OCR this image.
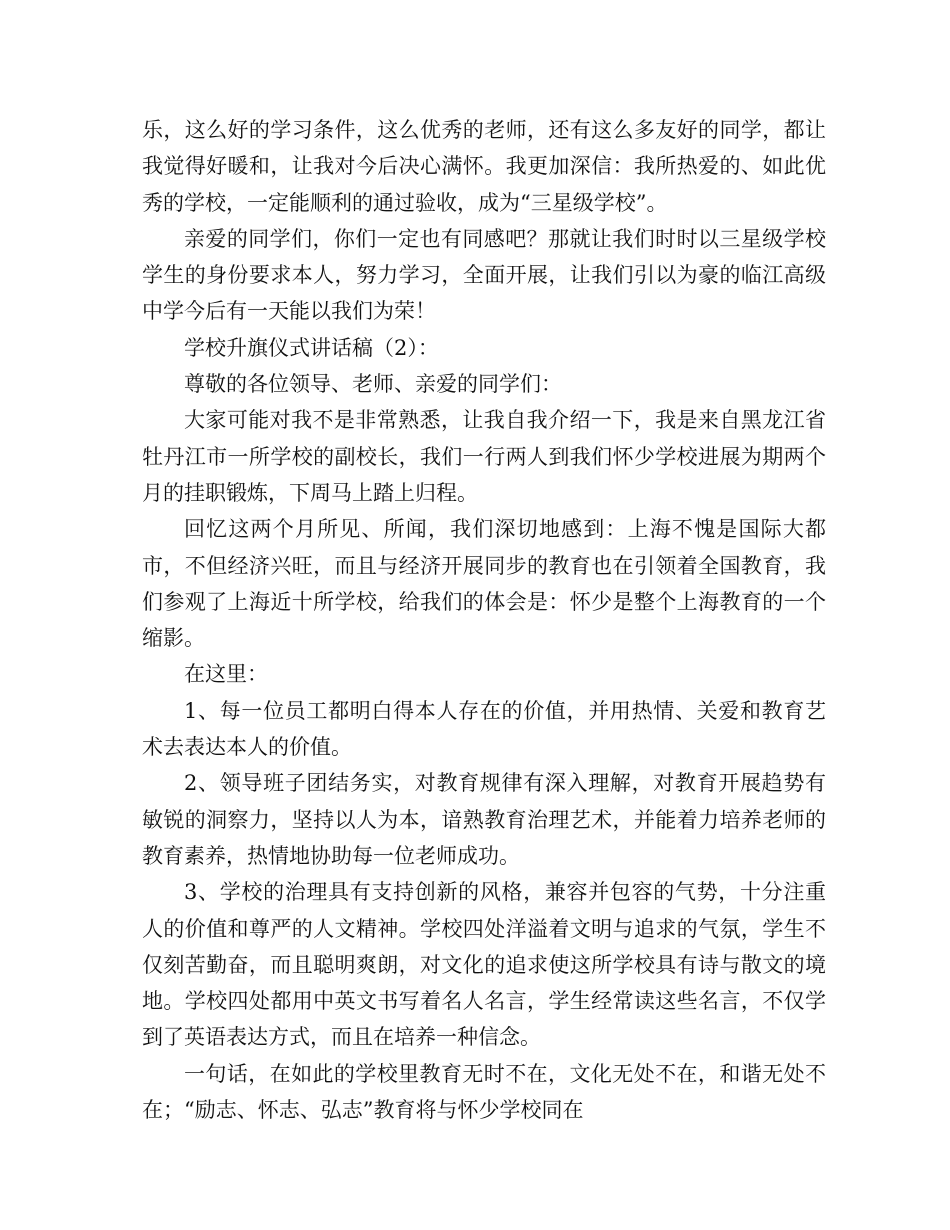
乐，这么好的学习条件，这么优秀的老师，还有这么多友好的同学，都让我觉得好暖和，让我对今后决心满怀。我更加深信：我所热爱的、如此优秀的学校，一定能顺利的通过验收，成为“三星级学校”。

亲爱的同学们，你们一定也有同感吧？那就让我们时时以三星级学校学生的身份要求本人，努力学习，全面开展，让我们引以为豪的临江高级中学今后有一天能以我们为荣！

学校升旗仪式讲话稿（2）：

尊敬的各位领导、老师、亲爱的同学们：

大家可能对我不是非常熟悉，让我自我介绍一下，我是来自黑龙江省牡丹江市一所学校的副校长，我们一行两人到我们怀少学校进展为期两个月的挂职锻炼，下周马上踏上归程。

回忆这两个月所见、所闻，我们深切地感到：上海不愧是国际大都市，不但经济兴旺，而且与经济开展同步的教育也在引领着全国教育，我们参观了上海近十所学校，给我们的体会是：怀少是整个上海教育的一个缩影。

在这里：

1、每一位员工都明白得本人存在的价值，并用热情、关爱和教育艺术去表达本人的价值。

2、领导班子团结务实，对教育规律有深入理解，对教育开展趋势有敏锐的洞察力，坚持以人为本，谙熟教育治理艺术，并能着力培养老师的教育素养，热情地协助每一位老师成功。

3、学校的治理具有支持创新的风格，兼容并包容的气势，十分注重人的价值和尊严的人文精神。学校四处洋溢着文明与追求的气氛，学生不仅刻苦勤奋，而且聪明爽朗，对文化的追求使这所学校具有诗与散文的境地。学校四处都用中英文书写着名人名言，学生经常读这些名言，不仅学到了英语表达方式，而且在培养一种信念。

一句话，在如此的学校里教育无时不在，文化无处不在，和谐无处不在；“励志、怀志、弘志”教育将与怀少学校同在
